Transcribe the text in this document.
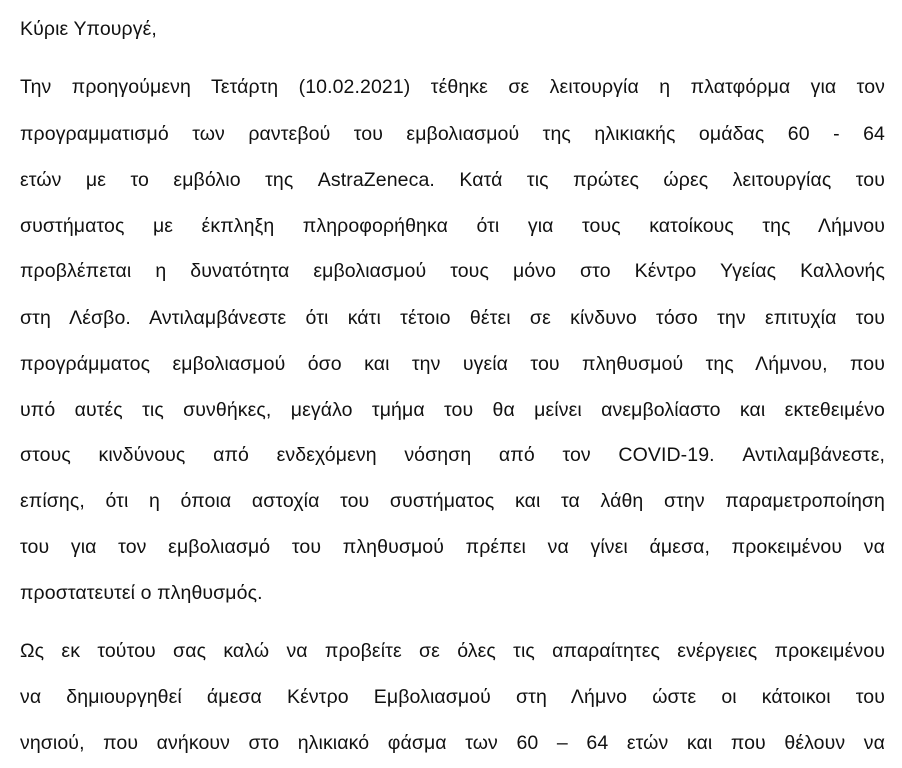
Κύριε Υπουργέ,
Την προηγούμενη Τετάρτη (10.02.2021) τέθηκε σε λειτουργία η πλατφόρμα για τον
προγραμματισμό των ραντεβού του εμβολιασμού της ηλικιακής ομάδας 60 - 64
ετών με το εμβόλιο της AstraZeneca. Κατά τις πρώτες ώρες λειτουργίας του
συστήματος με έκπληξη πληροφορήθηκα ότι για τους κατοίκους της Λήμνου
προβλέπεται η δυνατότητα εμβολιασμού τους μόνο στο Κέντρο Υγείας Καλλονής
στη Λέσβο. Αντιλαμβάνεστε ότι κάτι τέτοιο θέτει σε κίνδυνο τόσο την επιτυχία του
προγράμματος εμβολιασμού όσο και την υγεία του πληθυσμού της Λήμνου, που
υπό αυτές τις συνθήκες, μεγάλο τμήμα του θα μείνει ανεμβολίαστο και εκτεθειμένο
στους κινδύνους από ενδεχόμενη νόσηση από τον COVID-19. Αντιλαμβάνεστε,
επίσης, ότι η όποια αστοχία του συστήματος και τα λάθη στην παραμετροποίηση
του για τον εμβολιασμό του πληθυσμού πρέπει να γίνει άμεσα, προκειμένου να
προστατευτεί ο πληθυσμός.
Ως εκ τούτου σας καλώ να προβείτε σε όλες τις απαραίτητες ενέργειες προκειμένου
να δημιουργηθεί άμεσα Κέντρο Εμβολιασμού στη Λήμνο ώστε οι κάτοικοι του
νησιού, που ανήκουν στο ηλικιακό φάσμα των 60 – 64 ετών και που θέλουν να
